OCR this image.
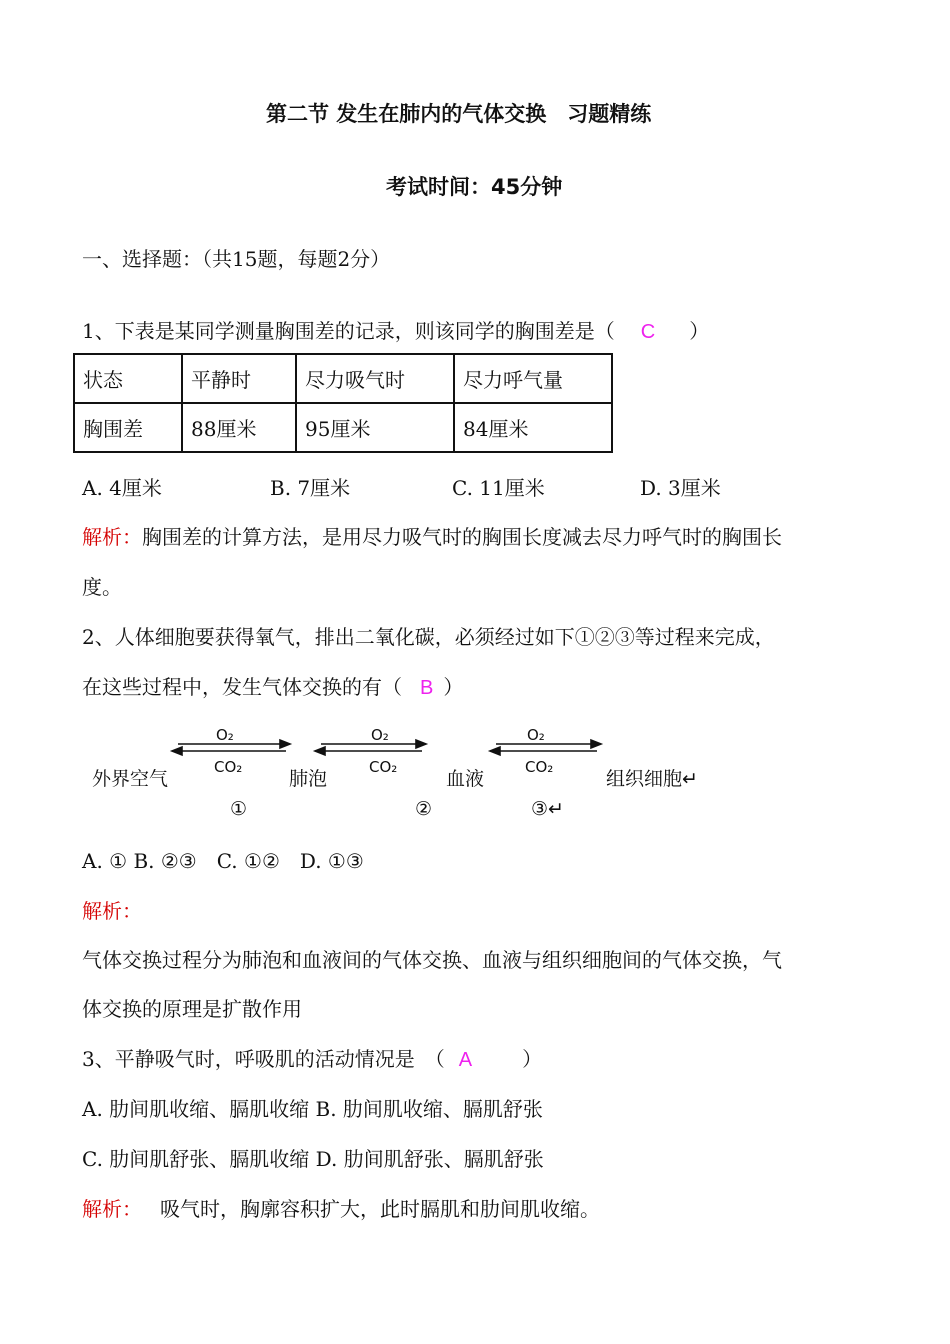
第二节 发生在肺内的气体交换　习题精练
考试时间：45分钟
一、选择题：（共15题，每题2分）
1、下表是某同学测量胸围差的记录，则该同学的胸围差是（ C ）
状态	平静时	尽力吸气时	尽力呼气量
胸围差	88厘米	95厘米	84厘米
A. 4厘米	B. 7厘米	C. 11厘米	D. 3厘米
解析：胸围差的计算方法，是用尽力吸气时的胸围长度减去尽力呼气时的胸围长
度。
2、人体细胞要获得氧气，排出二氧化碳，必须经过如下①②③等过程来完成，
在这些过程中，发生气体交换的有（ B ）
O₂
CO₂
O₂
CO₂
O₂
CO₂
外界空气	肺泡	血液	组织细胞↵
①	②	③↵
A. ① B. ②③　C. ①②　D. ①③
解析：
气体交换过程分为肺泡和血液间的气体交换、血液与组织细胞间的气体交换，气
体交换的原理是扩散作用
3、平静吸气时，呼吸肌的活动情况是　（ A	）
A. 肋间肌收缩、膈肌收缩 B. 肋间肌收缩、膈肌舒张
C. 肋间肌舒张、膈肌收缩 D. 肋间肌舒张、膈肌舒张
解析： 吸气时，胸廓容积扩大，此时膈肌和肋间肌收缩。
